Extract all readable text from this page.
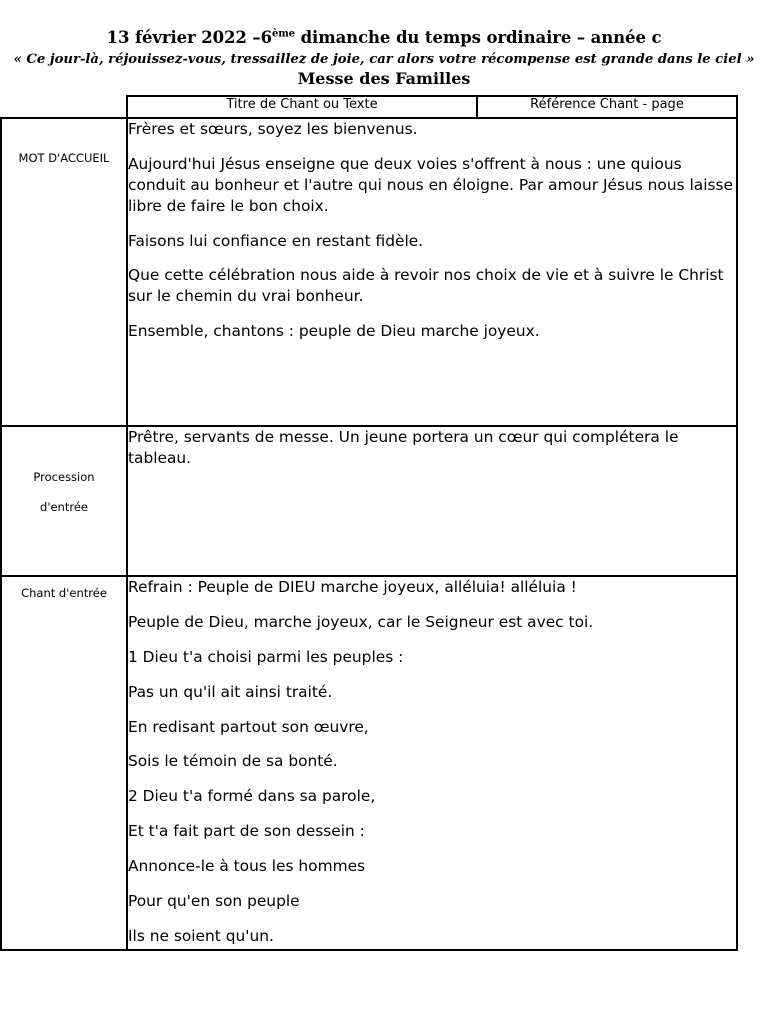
13 février 2022 –6ème dimanche du temps ordinaire – année c
« Ce jour-là, réjouissez-vous, tressaillez de joie, car alors votre récompense est grande dans le ciel »
Messe des Familles
	Titre de Chant ou Texte	Référence Chant - page

MOT D'ACCUEIL	Frères et sœurs, soyez les bienvenus.

Aujourd'hui Jésus enseigne que deux voies s'offrent à nous : une quious conduit au bonheur et l'autre qui nous en éloigne. Par amour Jésus nous laisse libre de faire le bon choix.

Faisons lui confiance en restant fidèle.

Que cette célébration nous aide à revoir nos choix de vie et à suivre le Christ sur le chemin du vrai bonheur.

Ensemble, chantons : peuple de Dieu marche joyeux.	

Procession
d'entrée	Prêtre, servants de messe. Un jeune portera un cœur qui complétera le tableau.	

Chant d'entrée	Refrain : Peuple de DIEU marche joyeux, alléluia! alléluia !

Peuple de Dieu, marche joyeux, car le Seigneur est avec toi.

1 Dieu t'a choisi parmi les peuples :

Pas un qu'il ait ainsi traité.

En redisant partout son œuvre,

Sois le témoin de sa bonté.

2 Dieu t'a formé dans sa parole,

Et t'a fait part de son dessein :

Annonce-le à tous les hommes

Pour qu'en son peuple

Ils ne soient qu'un.
